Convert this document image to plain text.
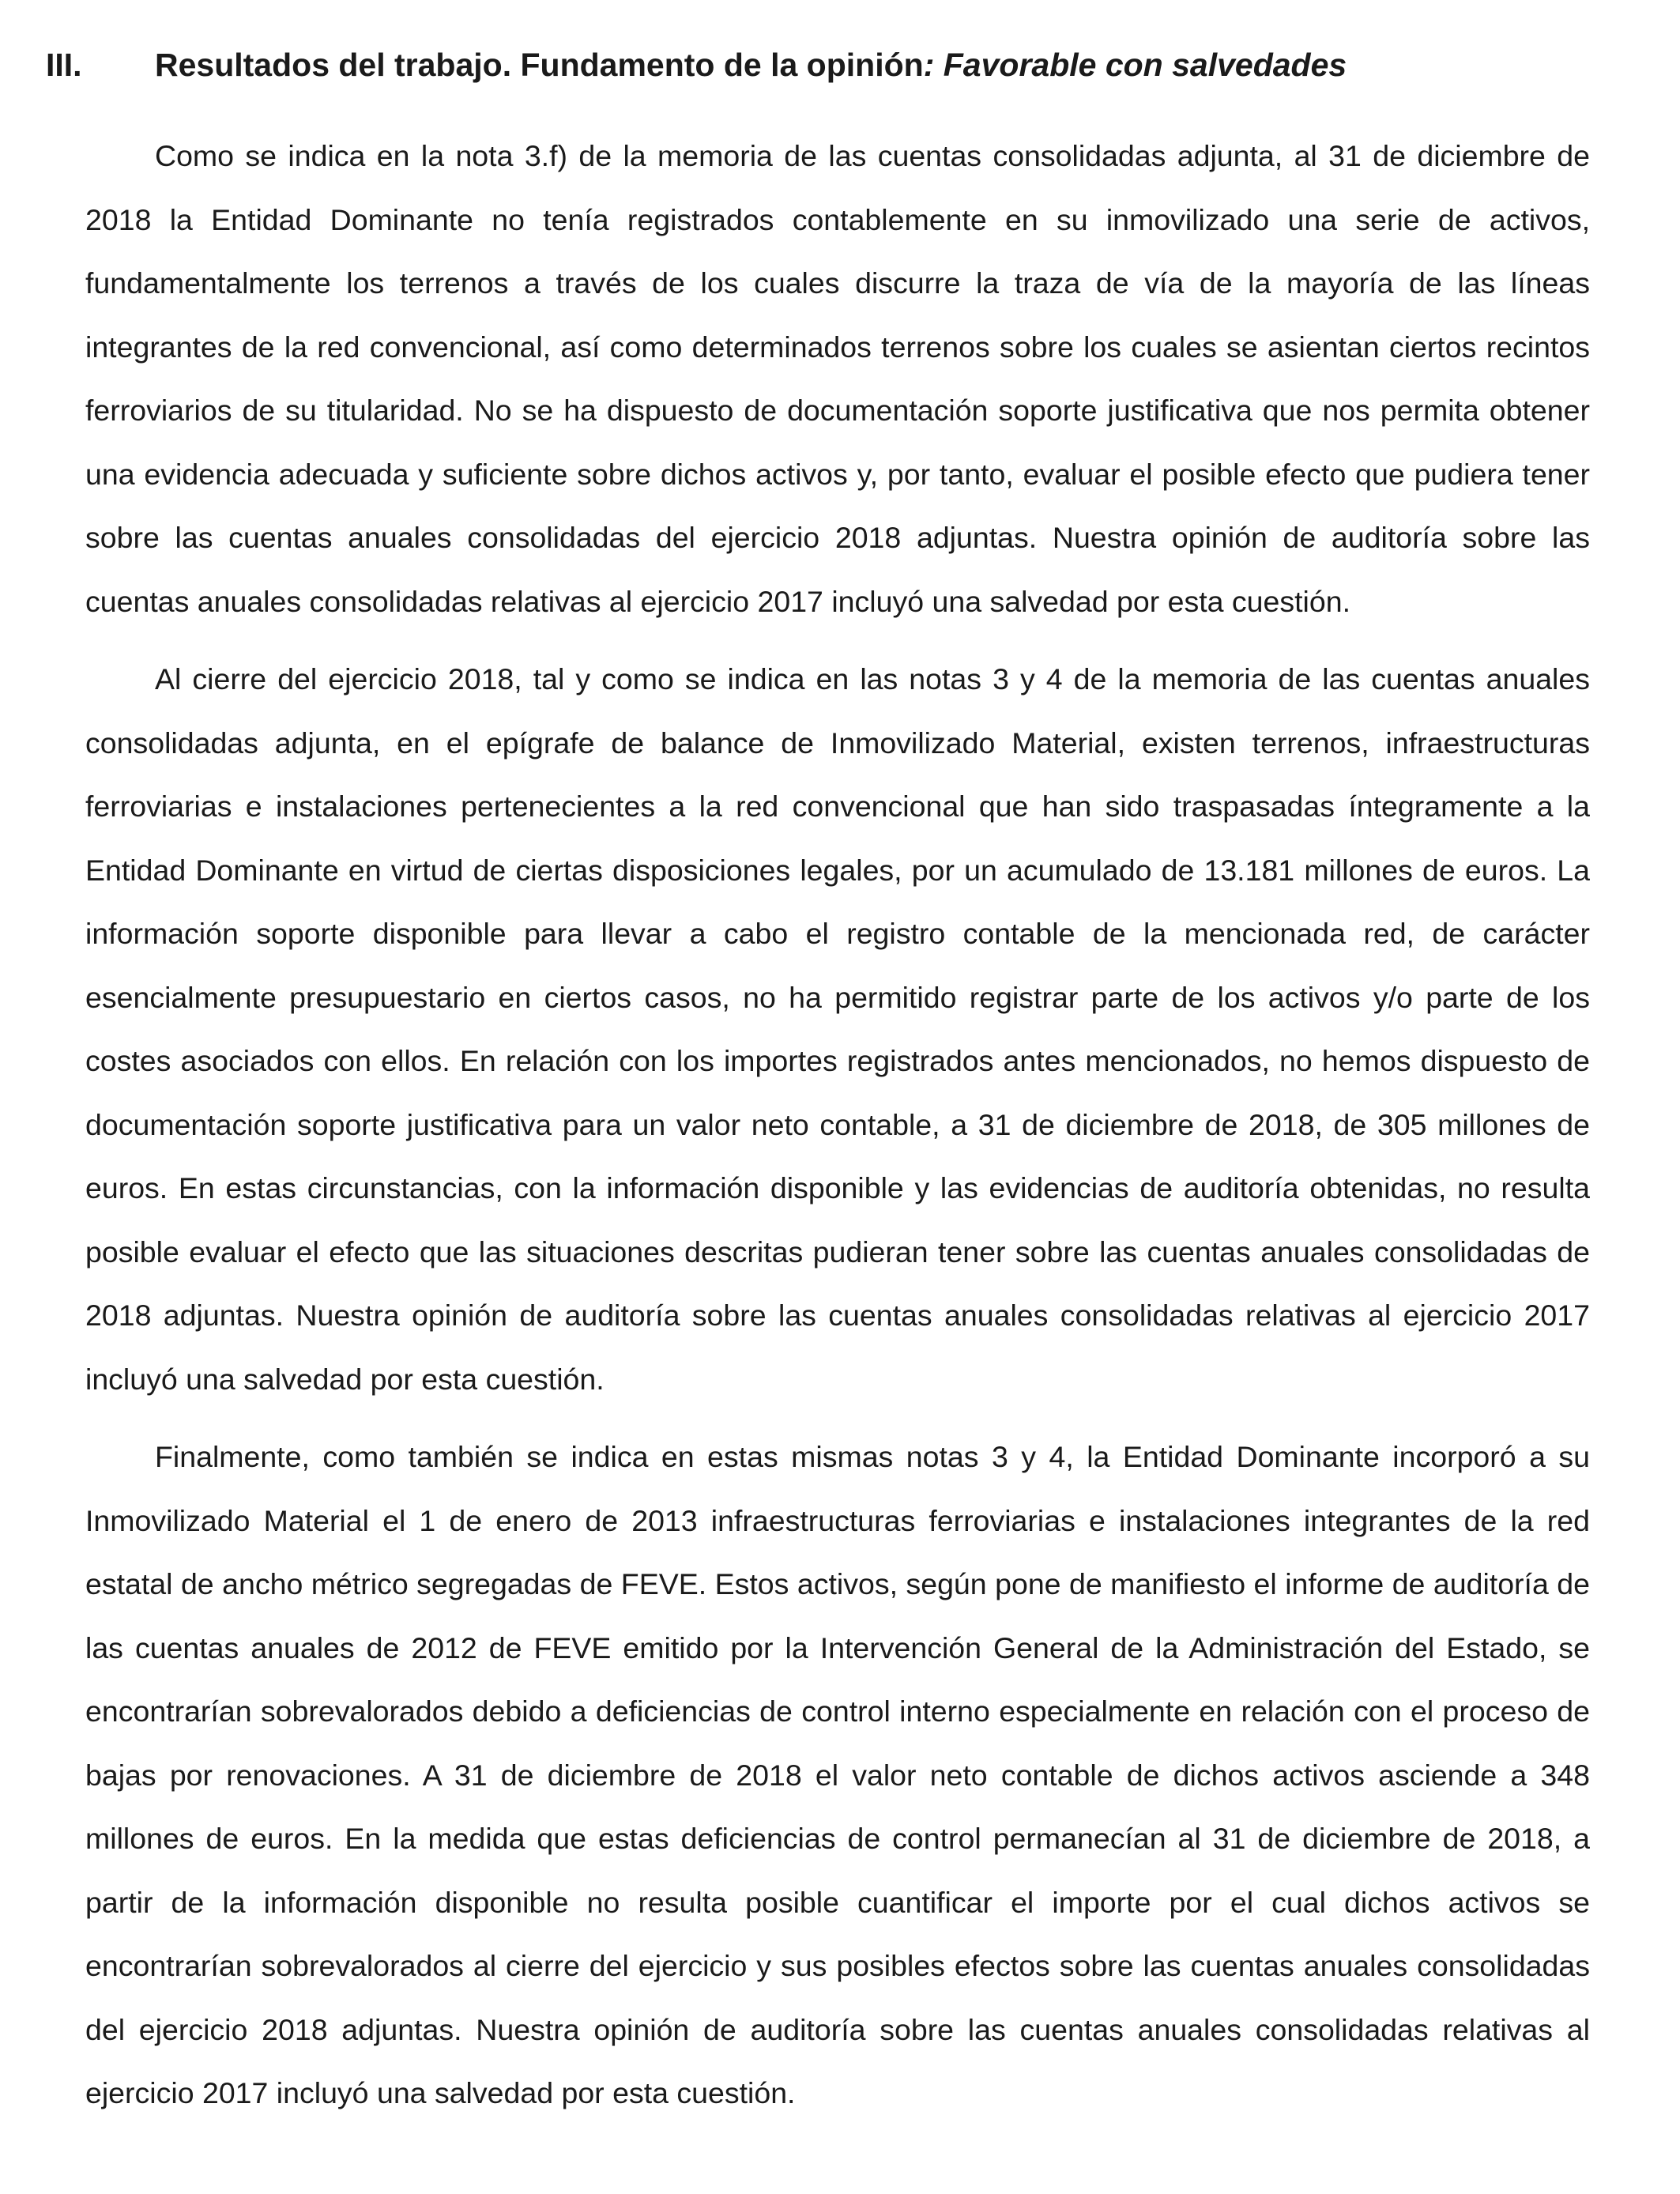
III. Resultados del trabajo. Fundamento de la opinión: Favorable con salvedades

Como se indica en la nota 3.f) de la memoria de las cuentas consolidadas adjunta, al 31 de diciembre de 2018 la Entidad Dominante no tenía registrados contablemente en su inmovilizado una serie de activos, fundamentalmente los terrenos a través de los cuales discurre la traza de vía de la mayoría de las líneas integrantes de la red convencional, así como determinados terrenos sobre los cuales se asientan ciertos recintos ferroviarios de su titularidad. No se ha dispuesto de documentación soporte justificativa que nos permita obtener una evidencia adecuada y suficiente sobre dichos activos y, por tanto, evaluar el posible efecto que pudiera tener sobre las cuentas anuales consolidadas del ejercicio 2018 adjuntas. Nuestra opinión de auditoría sobre las cuentas anuales consolidadas relativas al ejercicio 2017 incluyó una salvedad por esta cuestión.

Al cierre del ejercicio 2018, tal y como se indica en las notas 3 y 4 de la memoria de las cuentas anuales consolidadas adjunta, en el epígrafe de balance de Inmovilizado Material, existen terrenos, infraestructuras ferroviarias e instalaciones pertenecientes a la red convencional que han sido traspasadas íntegramente a la Entidad Dominante en virtud de ciertas disposiciones legales, por un acumulado de 13.181 millones de euros. La información soporte disponible para llevar a cabo el registro contable de la mencionada red, de carácter esencialmente presupuestario en ciertos casos, no ha permitido registrar parte de los activos y/o parte de los costes asociados con ellos. En relación con los importes registrados antes mencionados, no hemos dispuesto de documentación soporte justificativa para un valor neto contable, a 31 de diciembre de 2018, de 305 millones de euros. En estas circunstancias, con la información disponible y las evidencias de auditoría obtenidas, no resulta posible evaluar el efecto que las situaciones descritas pudieran tener sobre las cuentas anuales consolidadas de 2018 adjuntas. Nuestra opinión de auditoría sobre las cuentas anuales consolidadas relativas al ejercicio 2017 incluyó una salvedad por esta cuestión.

Finalmente, como también se indica en estas mismas notas 3 y 4, la Entidad Dominante incorporó a su Inmovilizado Material el 1 de enero de 2013 infraestructuras ferroviarias e instalaciones integrantes de la red estatal de ancho métrico segregadas de FEVE. Estos activos, según pone de manifiesto el informe de auditoría de las cuentas anuales de 2012 de FEVE emitido por la Intervención General de la Administración del Estado, se encontrarían sobrevalorados debido a deficiencias de control interno especialmente en relación con el proceso de bajas por renovaciones. A 31 de diciembre de 2018 el valor neto contable de dichos activos asciende a 348 millones de euros. En la medida que estas deficiencias de control permanecían al 31 de diciembre de 2018, a partir de la información disponible no resulta posible cuantificar el importe por el cual dichos activos se encontrarían sobrevalorados al cierre del ejercicio y sus posibles efectos sobre las cuentas anuales consolidadas del ejercicio 2018 adjuntas. Nuestra opinión de auditoría sobre las cuentas anuales consolidadas relativas al ejercicio 2017 incluyó una salvedad por esta cuestión.
